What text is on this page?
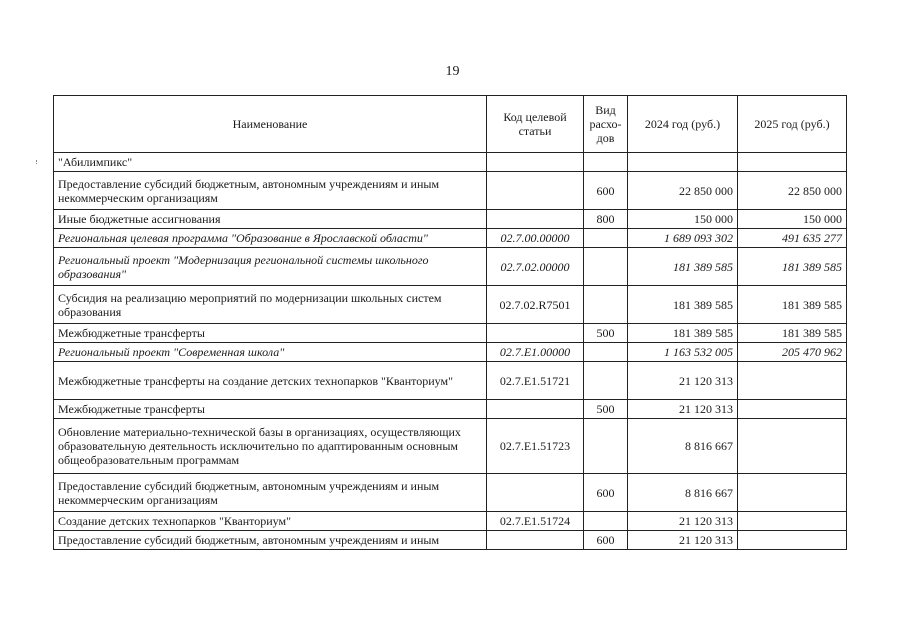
19
Наименование	Код целевой статьи	Вид расхо-дов	2024 год (руб.)	2025 год (руб.)
"Абилимпикс"				
Предоставление субсидий бюджетным, автономным учреждениям и иным некоммерческим организациям		600	22 850 000	22 850 000
Иные бюджетные ассигнования		800	150 000	150 000
Региональная целевая программа "Образование в Ярославской области"	02.7.00.00000		1 689 093 302	491 635 277
Региональный проект "Модернизация региональной системы школьного образования"	02.7.02.00000		181 389 585	181 389 585
Субсидия на реализацию мероприятий по модернизации школьных систем образования	02.7.02.R7501		181 389 585	181 389 585
Межбюджетные трансферты		500	181 389 585	181 389 585
Региональный проект "Современная школа"	02.7.E1.00000		1 163 532 005	205 470 962
Межбюджетные трансферты на создание детских технопарков "Кванториум"	02.7.E1.51721		21 120 313	
Межбюджетные трансферты		500	21 120 313	
Обновление материально-технической базы в организациях, осуществляющих образовательную деятельность исключительно по адаптированным основным общеобразовательным программам	02.7.E1.51723		8 816 667	
Предоставление субсидий бюджетным, автономным учреждениям и иным некоммерческим организациям		600	8 816 667	
Создание детских технопарков "Кванториум"	02.7.E1.51724		21 120 313	
Предоставление субсидий бюджетным, автономным учреждениям и иным		600	21 120 313	
